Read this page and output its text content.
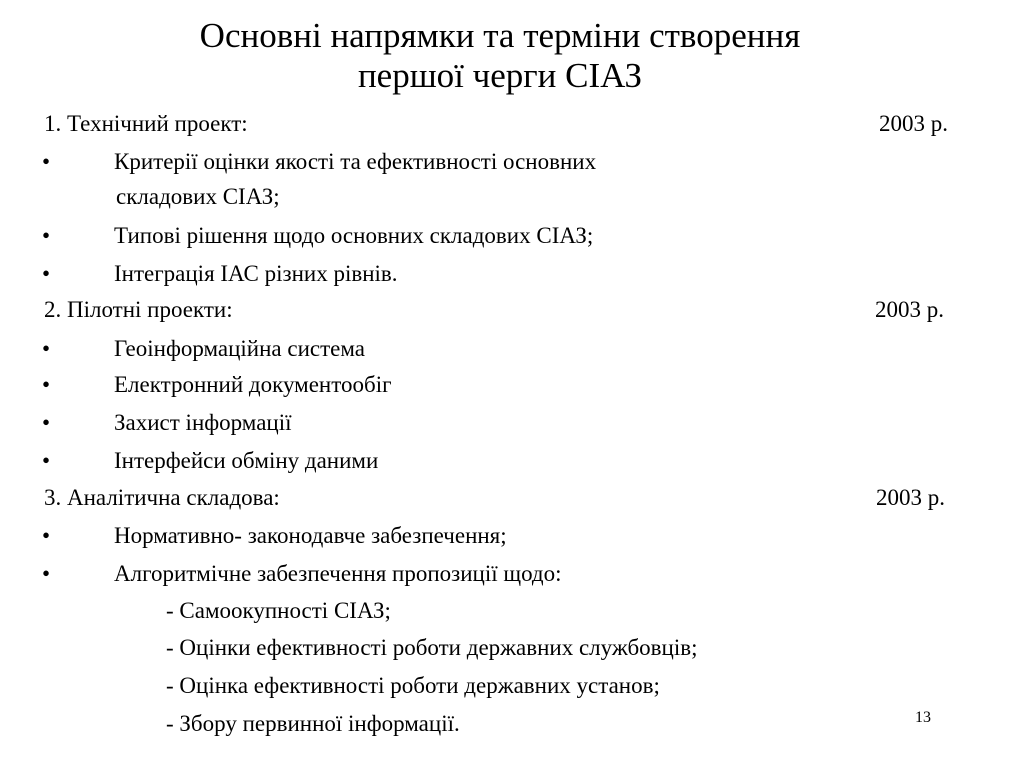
Основні напрямки та терміни створення
першої черги СІАЗ
1. Технічний проект:	2003 р.
•	Критерії оцінки якості та ефективності основних
складових СІАЗ;
•	Типові рішення щодо основних складових СІАЗ;
•	Інтеграція ІАС різних рівнів.
2. Пілотні проекти:	2003 р.
•	Геоінформаційна система
•	Електронний документообіг
•	Захист інформації
•	Інтерфейси обміну даними
3. Аналітична складова:	2003 р.
•	Нормативно- законодавче забезпечення;
•	Алгоритмічне забезпечення пропозиції щодо:
- Самоокупності СІАЗ;
- Оцінки ефективності роботи державних службовців;
- Оцінка ефективності роботи державних установ;
- Збору первинної інформації.	13
